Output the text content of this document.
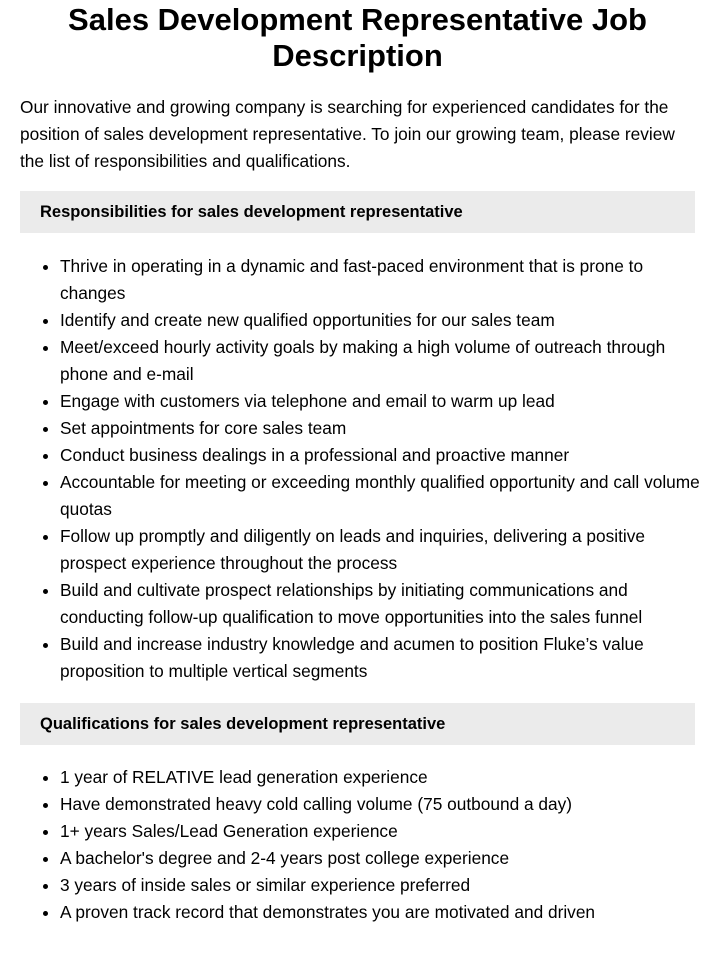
Sales Development Representative Job Description

Our innovative and growing company is searching for experienced candidates for the position of sales development representative. To join our growing team, please review the list of responsibilities and qualifications.

Responsibilities for sales development representative
Thrive in operating in a dynamic and fast-paced environment that is prone to changes
Identify and create new qualified opportunities for our sales team
Meet/exceed hourly activity goals by making a high volume of outreach through phone and e-mail
Engage with customers via telephone and email to warm up lead
Set appointments for core sales team
Conduct business dealings in a professional and proactive manner
Accountable for meeting or exceeding monthly qualified opportunity and call volume quotas
Follow up promptly and diligently on leads and inquiries, delivering a positive prospect experience throughout the process
Build and cultivate prospect relationships by initiating communications and conducting follow-up qualification to move opportunities into the sales funnel
Build and increase industry knowledge and acumen to position Fluke’s value proposition to multiple vertical segments
Qualifications for sales development representative
1 year of RELATIVE lead generation experience
Have demonstrated heavy cold calling volume (75 outbound a day)
1+ years Sales/Lead Generation experience
A bachelor's degree and 2-4 years post college experience
3 years of inside sales or similar experience preferred
A proven track record that demonstrates you are motivated and driven
